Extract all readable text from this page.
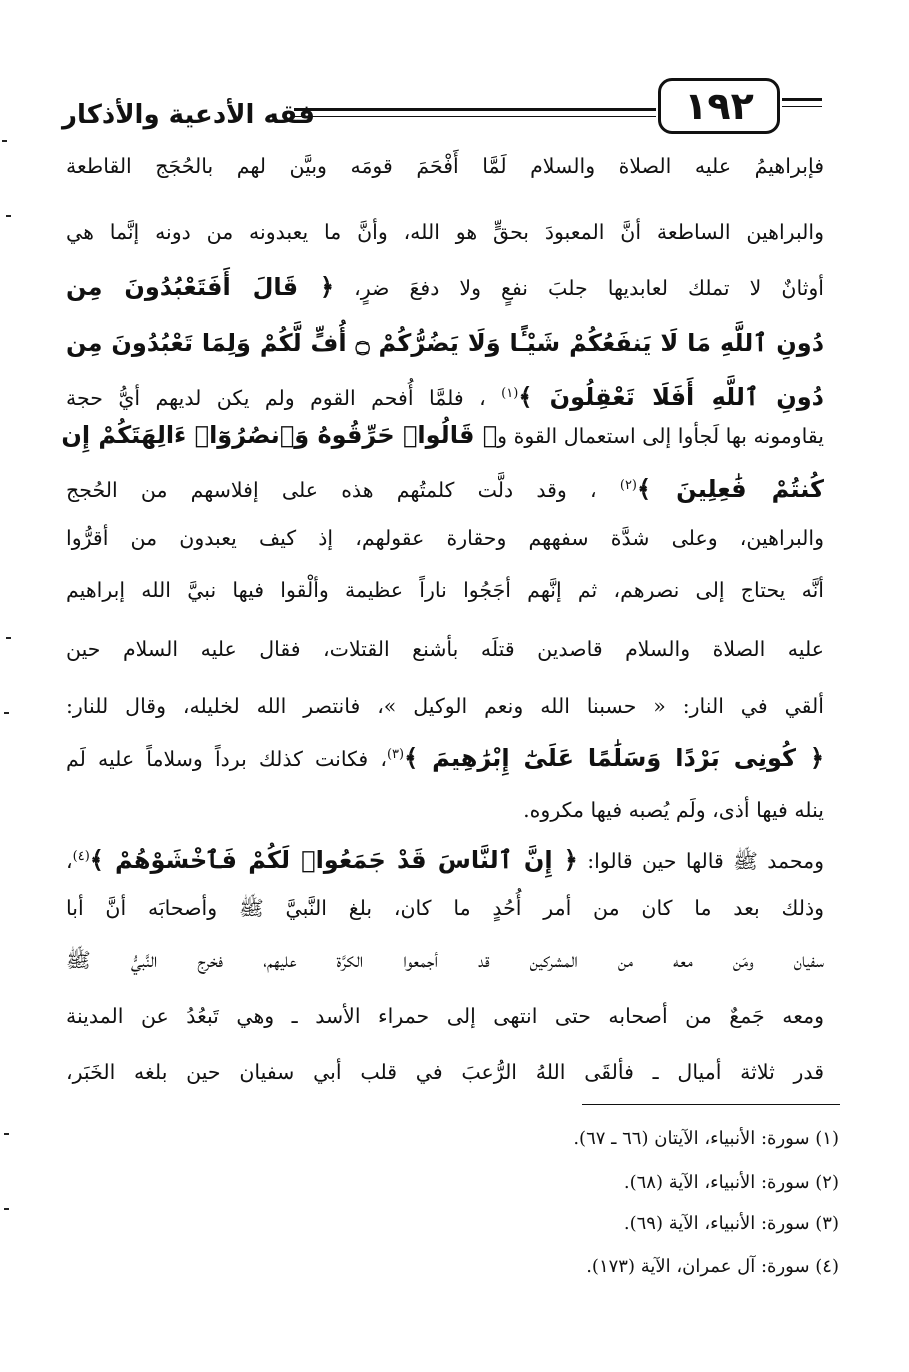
فقه الأدعية والأذكار	١٩٢
فإبراهيمُ عليه الصلاة والسلام لَمَّا أَفْحَمَ قومَه وبيَّن لهم بالحُجَج القاطعة
والبراهين الساطعة أنَّ المعبودَ بحقٍّ هو الله، وأنَّ ما يعبدونه من دونه إنَّما هي
أوثانٌ لا تملك لعابديها جلبَ نفعٍ ولا دفعَ ضرٍ، ﴿ قَالَ أَفَتَعْبُدُونَ مِن
دُونِ ٱللَّهِ مَا لَا يَنفَعُكُمْ شَيْـًٔا وَلَا يَضُرُّكُمْ ۝ أُفٍّ لَّكُمْ وَلِمَا تَعْبُدُونَ مِن
دُونِ ٱللَّهِ أَفَلَا تَعْقِلُونَ ﴾$^{(١)}$ ، فلمَّا أُفحم القوم ولم يكن لديهم أيُّ حجة
يقاومونه بها لَجأوا إلى استعمال القوة و﴿ قَالُوا۟ حَرِّقُوهُ وَٱنصُرُوٓا۟ ءَالِهَتَكُمْ إِن
كُنتُمْ فَٰعِلِينَ ﴾$^{(٢)}$ ، وقد دلَّت كلمتُهم هذه على إفلاسهم من الحُجج
والبراهين، وعلى شدَّة سفههم وحقارة عقولهم، إذ كيف يعبدون من أقرُّوا
أنَّه يحتاج إلى نصرهم، ثم إنَّهم أجَجُوا ناراً عظيمة وألْقوا فيها نبيَّ الله إبراهيم
عليه الصلاة والسلام قاصدين قتلَه بأشنع القتلات، فقال عليه السلام حين
ألقي في النار: « حسبنا الله ونعم الوكيل »، فانتصر الله لخليله، وقال للنار:
﴿ كُونِى بَرْدًا وَسَلَٰمًا عَلَىٰٓ إِبْرَٰهِيمَ ﴾$^{(٣)}$، فكانت كذلك برداً وسلاماً عليه لَم
ينله فيها أذى، ولَم يُصبه فيها مكروه.
ومحمد ﷺ قالها حين قالوا: ﴿ إِنَّ ٱلنَّاسَ قَدْ جَمَعُوا۟ لَكُمْ فَٱخْشَوْهُمْ ﴾$^{(٤)}$،
وذلك بعد ما كان من أمر أُحُدٍ ما كان، بلغ النَّبيَّ ﷺ وأصحابَه أنَّ أبا
سفيان ومَن معه من المشركين قد أجمعوا الكرَّة عليهم، فخرج النَّبيُّ ﷺ
ومعه جَمعٌ من أصحابه حتى انتهى إلى حمراء الأسد ـ وهي تَبعُدُ عن المدينة
قدر ثلاثة أميال ـ فألقَى اللهُ الرُّعبَ في قلب أبي سفيان حين بلغه الخَبَر،
(١) سورة: الأنبياء، الآيتان (٦٦ ـ ٦٧).
(٢) سورة: الأنبياء، الآية (٦٨).
(٣) سورة: الأنبياء، الآية (٦٩).
(٤) سورة: آل عمران، الآية (١٧٣).
